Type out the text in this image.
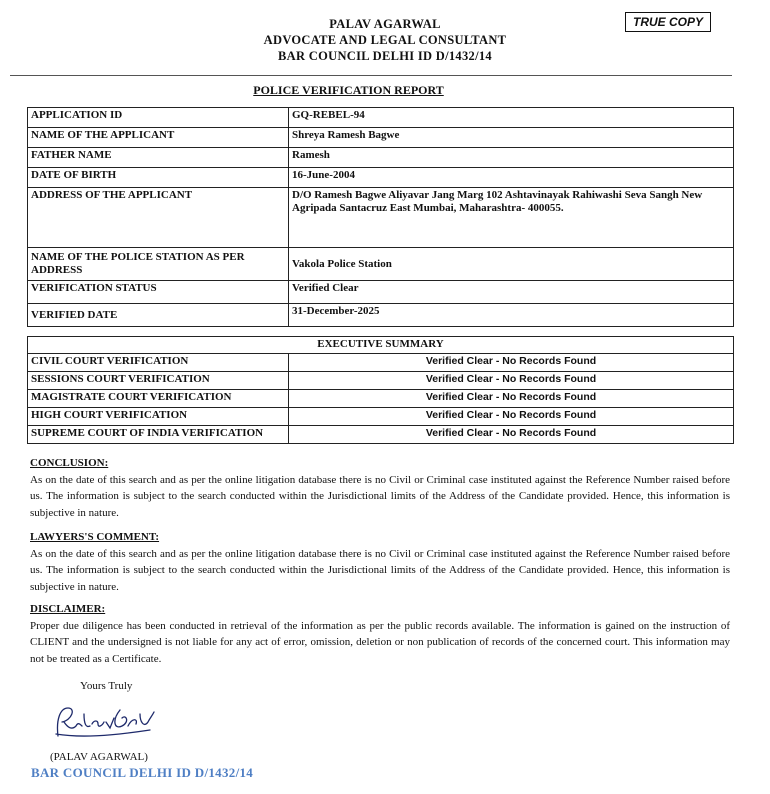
PALAV AGARWAL
ADVOCATE AND LEGAL CONSULTANT
BAR COUNCIL DELHI ID D/1432/14
TRUE COPY
POLICE VERIFICATION REPORT
APPLICATION ID	GQ-REBEL-94
NAME OF THE APPLICANT	Shreya Ramesh Bagwe
FATHER NAME	Ramesh
DATE OF BIRTH	16-June-2004
ADDRESS OF THE APPLICANT	D/O Ramesh Bagwe Aliyavar Jang Marg 102 Ashtavinayak Rahiwashi Seva Sangh New Agripada Santacruz East Mumbai, Maharashtra- 400055.
NAME OF THE POLICE STATION AS PER ADDRESS	Vakola Police Station
VERIFICATION STATUS	Verified Clear
VERIFIED DATE	31-December-2025
EXECUTIVE SUMMARY	
CIVIL COURT VERIFICATION	Verified Clear - No Records Found
SESSIONS COURT VERIFICATION	Verified Clear - No Records Found
MAGISTRATE COURT VERIFICATION	Verified Clear - No Records Found
HIGH COURT VERIFICATION	Verified Clear - No Records Found
SUPREME COURT OF INDIA VERIFICATION	Verified Clear - No Records Found
CONCLUSION:
As on the date of this search and as per the online litigation database there is no Civil or Criminal case instituted against the Reference Number raised before us. The information is subject to the search conducted within the Jurisdictional limits of the Address of the Candidate provided. Hence, this information is subjective in nature.
LAWYERS'S COMMENT:
As on the date of this search and as per the online litigation database there is no Civil or Criminal case instituted against the Reference Number raised before us. The information is subject to the search conducted within the Jurisdictional limits of the Address of the Candidate provided. Hence, this information is subjective in nature.
DISCLAIMER:
Proper due diligence has been conducted in retrieval of the information as per the public records available. The information is gained on the instruction of CLIENT and the undersigned is not liable for any act of error, omission, deletion or non publication of records of the concerned court. This information may not be treated as a Certificate.
Yours Truly
(PALAV AGARWAL)
BAR COUNCIL DELHI ID D/1432/14
